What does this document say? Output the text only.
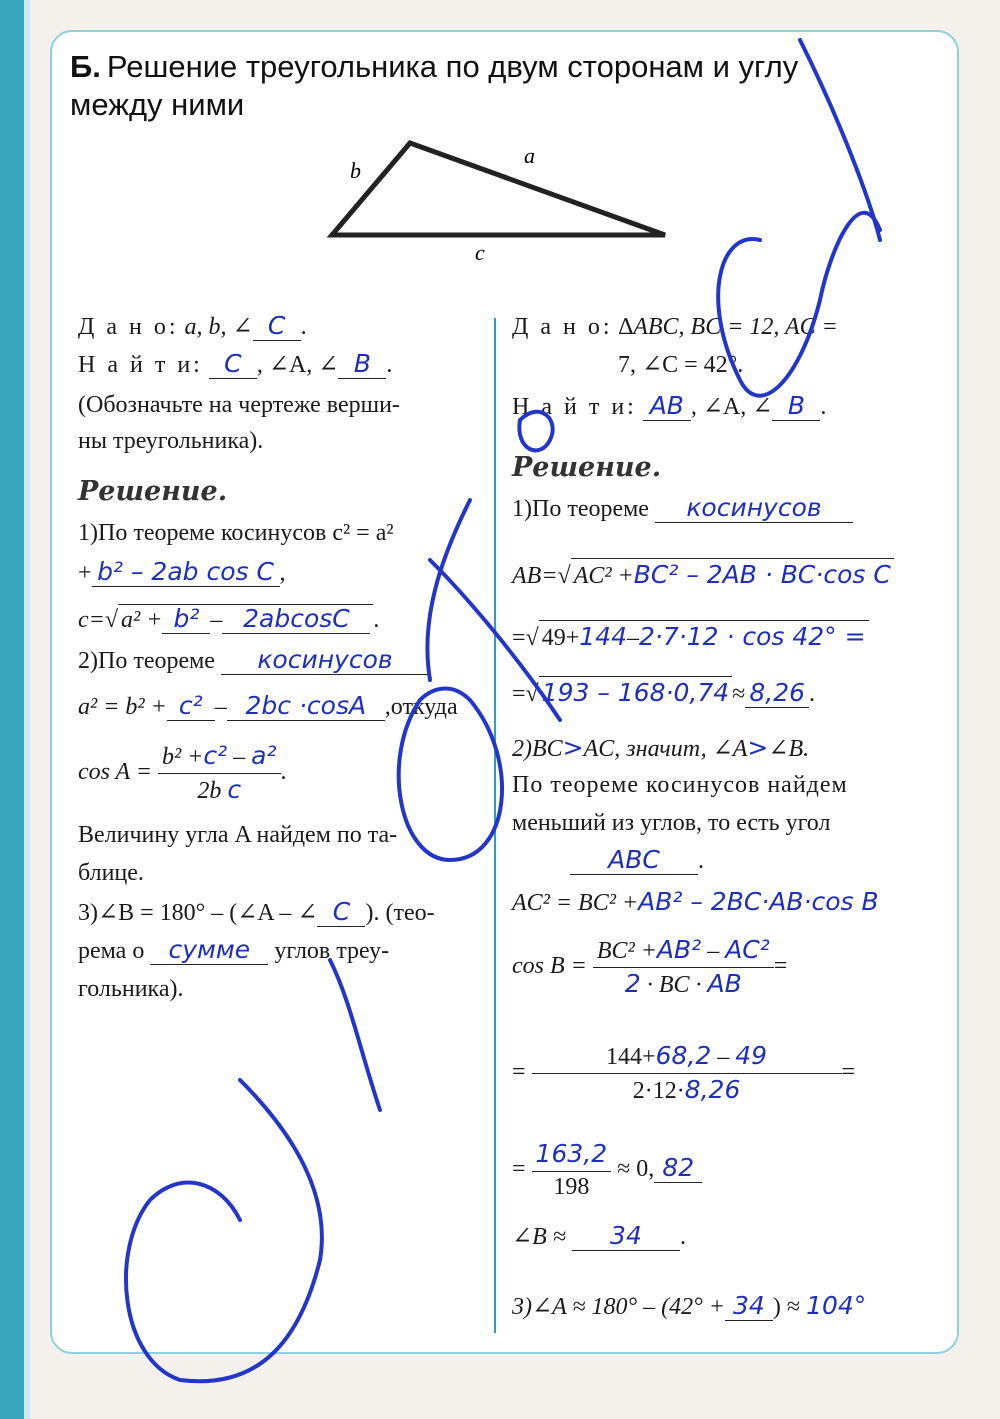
Б. Решение треугольника по двум сторонам и углу между ними
b
a
c
Д а н о: a, b, ∠ C .
Н а й т и: C , ∠A, ∠ B .
(Обозначьте на чертеже верши-
ны треугольника).
Решение.
1)По теореме косинусов c² = a²
+ b² – 2ab cos C ,
c=√ a² + b² – 2abcosC .
2)По теореме косинусов
a² = b² + c² – 2bc ·cosA ,откуда
$\cos A = \frac{\text{b² +c² – a²}}{\text{2b c}}$ .
Величину угла A найдем по та-
блице.
3)∠B = 180° – (∠A – ∠ C ). (тео-
рема о сумме углов треу-
гольника).
Д а н о: ∆ABC, BC = 12, AC =
7, ∠C = 42°.
Н а й т и: AB , ∠A, ∠ B .
Решение.
1)По теореме косинусов
AB=√ AC² +BC² – 2AB · BC·cos C
=√ 49+144–2·7·12 · cos 42° =
=√ 193 – 168·0,74 ≈ 8,26 .
2)BC>AC, значит, ∠A>∠B.
По теореме косинусов найдем
меньший из углов, то есть угол
ABC .
AC² = BC² +AB² – 2BC·AB·cos B
$\cos B = \frac{\text{BC² +AB² – AC²}}{2 \cdot BC \cdot AB}$ =
= $\frac{144+68,2 - 49}{2\cdot 12\cdot 8,26}$ =
= $\frac{163,2}{198} \approx 0$, 82
∠B ≈ 34 .
3)∠A ≈ 180° – (42° + 34 ) ≈ 104°
